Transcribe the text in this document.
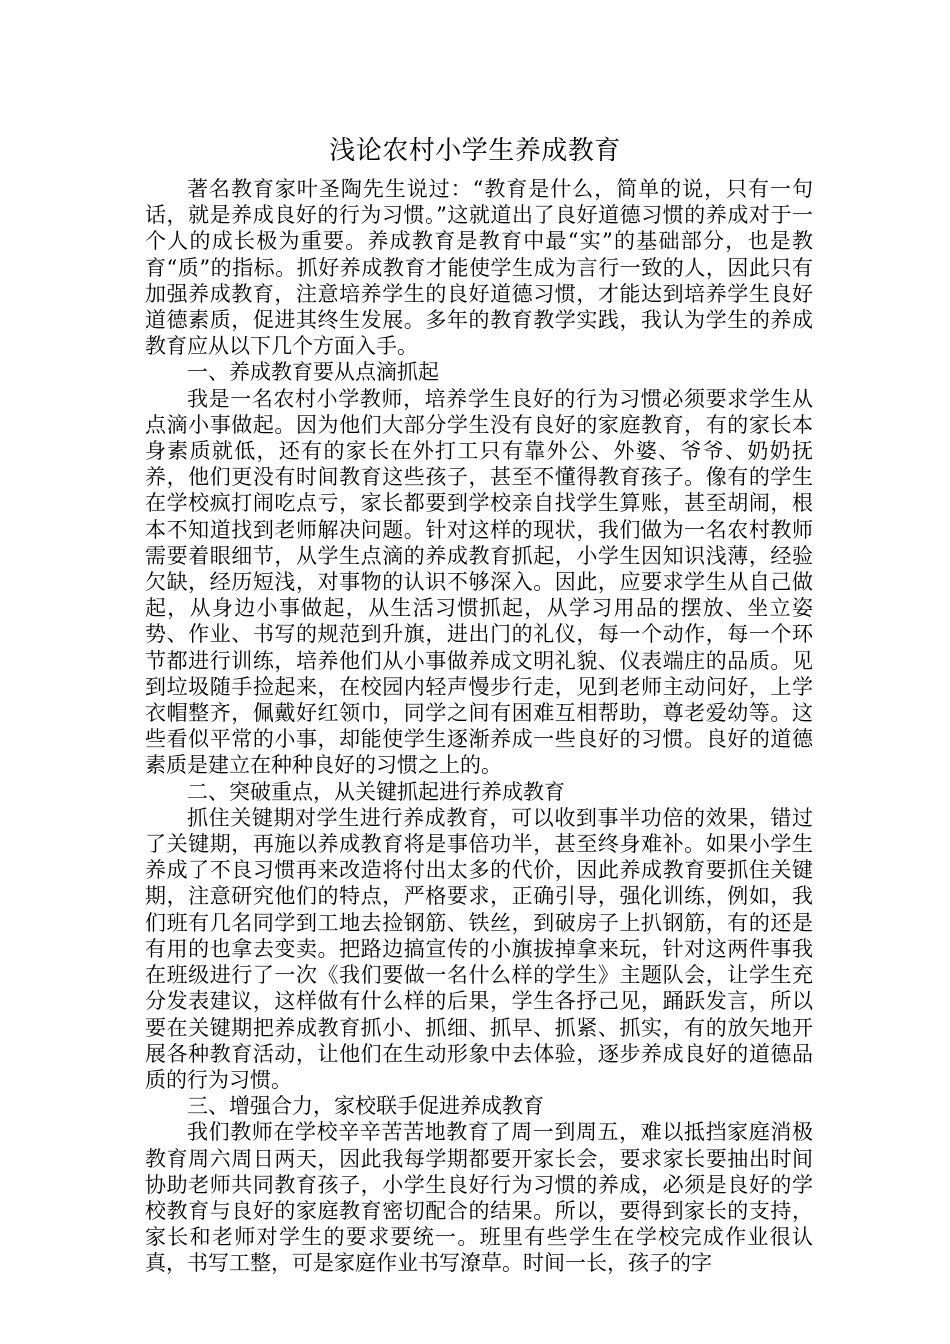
浅论农村小学生养成教育

著名教育家叶圣陶先生说过：“教育是什么，简单的说，只有一句话，就是养成良好的行为习惯。”这就道出了良好道德习惯的养成对于一个人的成长极为重要。养成教育是教育中最“实”的基础部分，也是教育“质”的指标。抓好养成教育才能使学生成为言行一致的人，因此只有加强养成教育，注意培养学生的良好道德习惯，才能达到培养学生良好道德素质，促进其终生发展。多年的教育教学实践，我认为学生的养成教育应从以下几个方面入手。

一、养成教育要从点滴抓起

我是一名农村小学教师，培养学生良好的行为习惯必须要求学生从点滴小事做起。因为他们大部分学生没有良好的家庭教育，有的家长本身素质就低，还有的家长在外打工只有靠外公、外婆、爷爷、奶奶抚养，他们更没有时间教育这些孩子，甚至不懂得教育孩子。像有的学生在学校疯打闹吃点亏，家长都要到学校亲自找学生算账，甚至胡闹，根本不知道找到老师解决问题。针对这样的现状，我们做为一名农村教师需要着眼细节，从学生点滴的养成教育抓起，小学生因知识浅薄，经验欠缺，经历短浅，对事物的认识不够深入。因此，应要求学生从自己做起，从身边小事做起，从生活习惯抓起，从学习用品的摆放、坐立姿势、作业、书写的规范到升旗，进出门的礼仪，每一个动作，每一个环节都进行训练，培养他们从小事做养成文明礼貌、仪表端庄的品质。见到垃圾随手捡起来，在校园内轻声慢步行走，见到老师主动问好，上学衣帽整齐，佩戴好红领巾，同学之间有困难互相帮助，尊老爱幼等。这些看似平常的小事，却能使学生逐渐养成一些良好的习惯。良好的道德素质是建立在种种良好的习惯之上的。

二、突破重点，从关键抓起进行养成教育

抓住关键期对学生进行养成教育，可以收到事半功倍的效果，错过了关键期，再施以养成教育将是事倍功半，甚至终身难补。如果小学生养成了不良习惯再来改造将付出太多的代价，因此养成教育要抓住关键期，注意研究他们的特点，严格要求，正确引导，强化训练，例如，我们班有几名同学到工地去捡钢筋、铁丝，到破房子上扒钢筋，有的还是有用的也拿去变卖。把路边搞宣传的小旗拔掉拿来玩，针对这两件事我在班级进行了一次《我们要做一名什么样的学生》主题队会，让学生充分发表建议，这样做有什么样的后果，学生各抒己见，踊跃发言，所以要在关键期把养成教育抓小、抓细、抓早、抓紧、抓实，有的放矢地开展各种教育活动，让他们在生动形象中去体验，逐步养成良好的道德品质的行为习惯。

三、增强合力，家校联手促进养成教育

我们教师在学校辛辛苦苦地教育了周一到周五，难以抵挡家庭消极教育周六周日两天，因此我每学期都要开家长会，要求家长要抽出时间协助老师共同教育孩子，小学生良好行为习惯的养成，必须是良好的学校教育与良好的家庭教育密切配合的结果。所以，要得到家长的支持，家长和老师对学生的要求要统一。班里有些学生在学校完成作业很认真，书写工整，可是家庭作业书写潦草。时间一长，孩子的字
